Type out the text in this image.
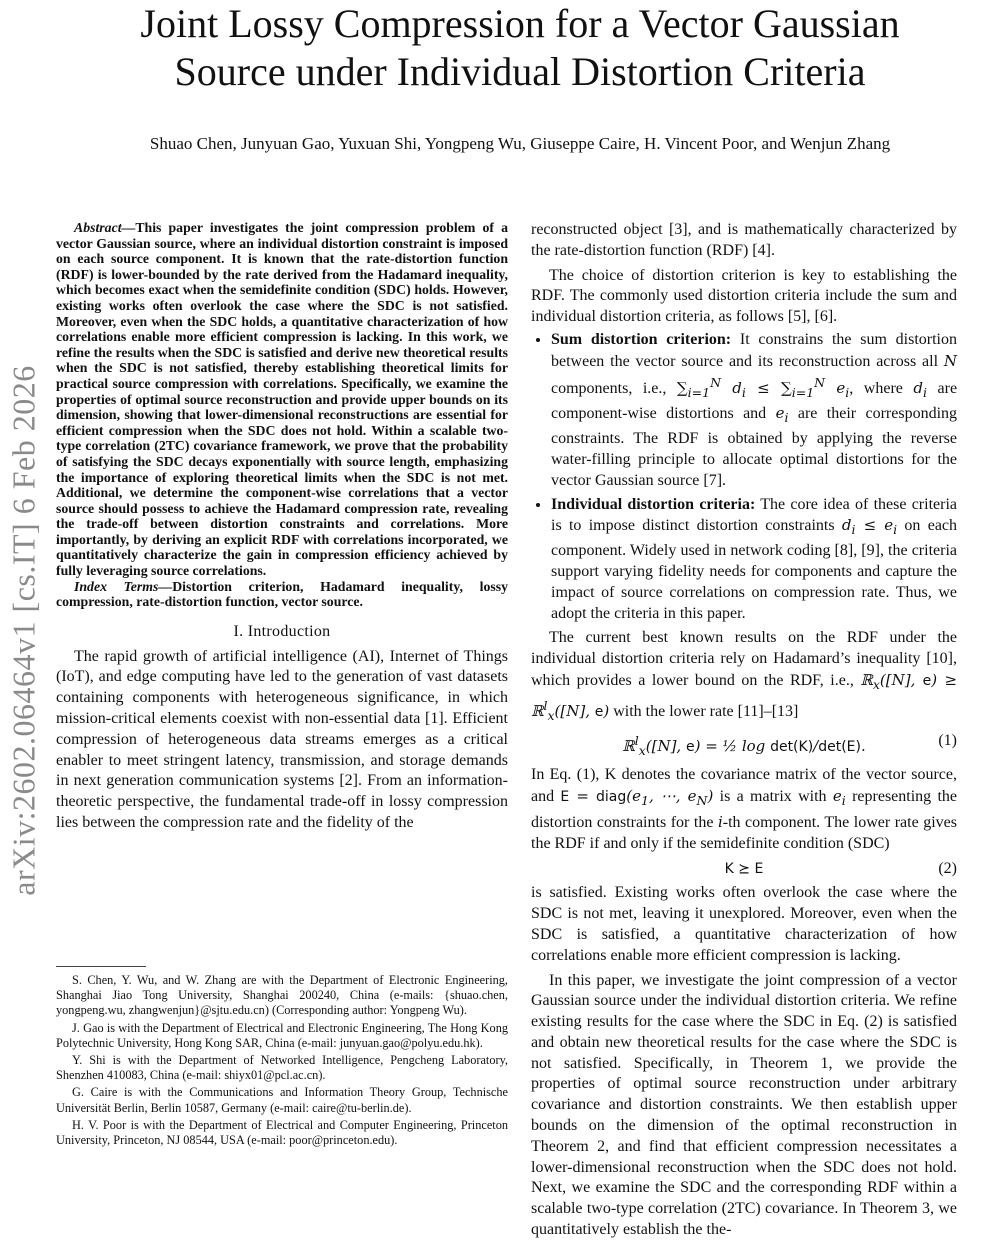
arXiv:2602.06464v1 [cs.IT] 6 Feb 2026
Joint Lossy Compression for a Vector Gaussian
Source under Individual Distortion Criteria
Shuao Chen, Junyuan Gao, Yuxuan Shi, Yongpeng Wu, Giuseppe Caire, H. Vincent Poor, and Wenjun Zhang

Abstract—This paper investigates the joint compression problem of a vector Gaussian source, where an individual distortion constraint is imposed on each source component. It is known that the rate-distortion function (RDF) is lower-bounded by the rate derived from the Hadamard inequality, which becomes exact when the semidefinite condition (SDC) holds. However, existing works often overlook the case where the SDC is not satisfied. Moreover, even when the SDC holds, a quantitative characterization of how correlations enable more efficient compression is lacking. In this work, we refine the results when the SDC is satisfied and derive new theoretical results when the SDC is not satisfied, thereby establishing theoretical limits for practical source compression with correlations. Specifically, we examine the properties of optimal source reconstruction and provide upper bounds on its dimension, showing that lower-dimensional reconstructions are essential for efficient compression when the SDC does not hold. Within a scalable two-type correlation (2TC) covariance framework, we prove that the probability of satisfying the SDC decays exponentially with source length, emphasizing the importance of exploring theoretical limits when the SDC is not met. Additional, we determine the component-wise correlations that a vector source should possess to achieve the Hadamard compression rate, revealing the trade-off between distortion constraints and correlations. More importantly, by deriving an explicit RDF with correlations incorporated, we quantitatively characterize the gain in compression efficiency achieved by fully leveraging source correlations.

Index Terms—Distortion criterion, Hadamard inequality, lossy compression, rate-distortion function, vector source.

I. Introduction

The rapid growth of artificial intelligence (AI), Internet of Things (IoT), and edge computing have led to the generation of vast datasets containing components with heterogeneous significance, in which mission-critical elements coexist with non-essential data [1]. Efficient compression of heterogeneous data streams emerges as a critical enabler to meet stringent latency, transmission, and storage demands in next generation communication systems [2]. From an information-theoretic perspective, the fundamental trade-off in lossy compression lies between the compression rate and the fidelity of the

S. Chen, Y. Wu, and W. Zhang are with the Department of Electronic Engineering, Shanghai Jiao Tong University, Shanghai 200240, China (e-mails: {shuao.chen, yongpeng.wu, zhangwenjun}@sjtu.edu.cn) (Corresponding author: Yongpeng Wu).

J. Gao is with the Department of Electrical and Electronic Engineering, The Hong Kong Polytechnic University, Hong Kong SAR, China (e-mail: junyuan.gao@polyu.edu.hk).

Y. Shi is with the Department of Networked Intelligence, Pengcheng Laboratory, Shenzhen 410083, China (e-mail: shiyx01@pcl.ac.cn).

G. Caire is with the Communications and Information Theory Group, Technische Universität Berlin, Berlin 10587, Germany (e-mail: caire@tu-berlin.de).

H. V. Poor is with the Department of Electrical and Computer Engineering, Princeton University, Princeton, NJ 08544, USA (e-mail: poor@princeton.edu).

reconstructed object [3], and is mathematically characterized by the rate-distortion function (RDF) [4].

The choice of distortion criterion is key to establishing the RDF. The commonly used distortion criteria include the sum and individual distortion criteria, as follows [5], [6].

• Sum distortion criterion: It constrains the sum distortion between the vector source and its reconstruction across all N components, i.e., $\sum_{i=1}^N$ $d_i \le \sum_{i=1}^N$ $e_i$, where $d_i$ are component-wise distortions and $e_i$ are their corresponding constraints. The RDF is obtained by applying the reverse water-filling principle to allocate optimal distortions for the vector Gaussian source [7].
• Individual distortion criteria: The core idea of these criteria is to impose distinct distortion constraints $d_i \le e_i$ on each component. Widely used in network coding [8], [9], the criteria support varying fidelity needs for components and capture the impact of source correlations on compression rate. Thus, we adopt the criteria in this paper.

The current best known results on the RDF under the individual distortion criteria rely on Hadamard’s inequality [10], which provides a lower bound on the RDF, i.e., ℝ$_x$([N], e) ≥ ℝ$^l_x$([N], e) with the lower rate [11]–[13]

ℝ$^l_x$([N], e) = ½ log det(K)/det(E).	(1)

In Eq. (1), K denotes the covariance matrix of the vector source, and $E = diag(e_1$, ⋯, $e_N$) is a matrix with $e_i$ representing the distortion constraints for the i-th component. The lower rate gives the RDF if and only if the semidefinite condition (SDC)

K ⪰ E	(2)

is satisfied. Existing works often overlook the case where the SDC is not met, leaving it unexplored. Moreover, even when the SDC is satisfied, a quantitative characterization of how correlations enable more efficient compression is lacking.

In this paper, we investigate the joint compression of a vector Gaussian source under the individual distortion criteria. We refine existing results for the case where the SDC in Eq. (2) is satisfied and obtain new theoretical results for the case where the SDC is not satisfied. Specifically, in Theorem 1, we provide the properties of optimal source reconstruction under arbitrary covariance and distortion constraints. We then establish upper bounds on the dimension of the optimal reconstruction in Theorem 2, and find that efficient compression necessitates a lower-dimensional reconstruction when the SDC does not hold. Next, we examine the SDC and the corresponding RDF within a scalable two-type correlation (2TC) covariance. In Theorem 3, we quantitatively establish the the-
